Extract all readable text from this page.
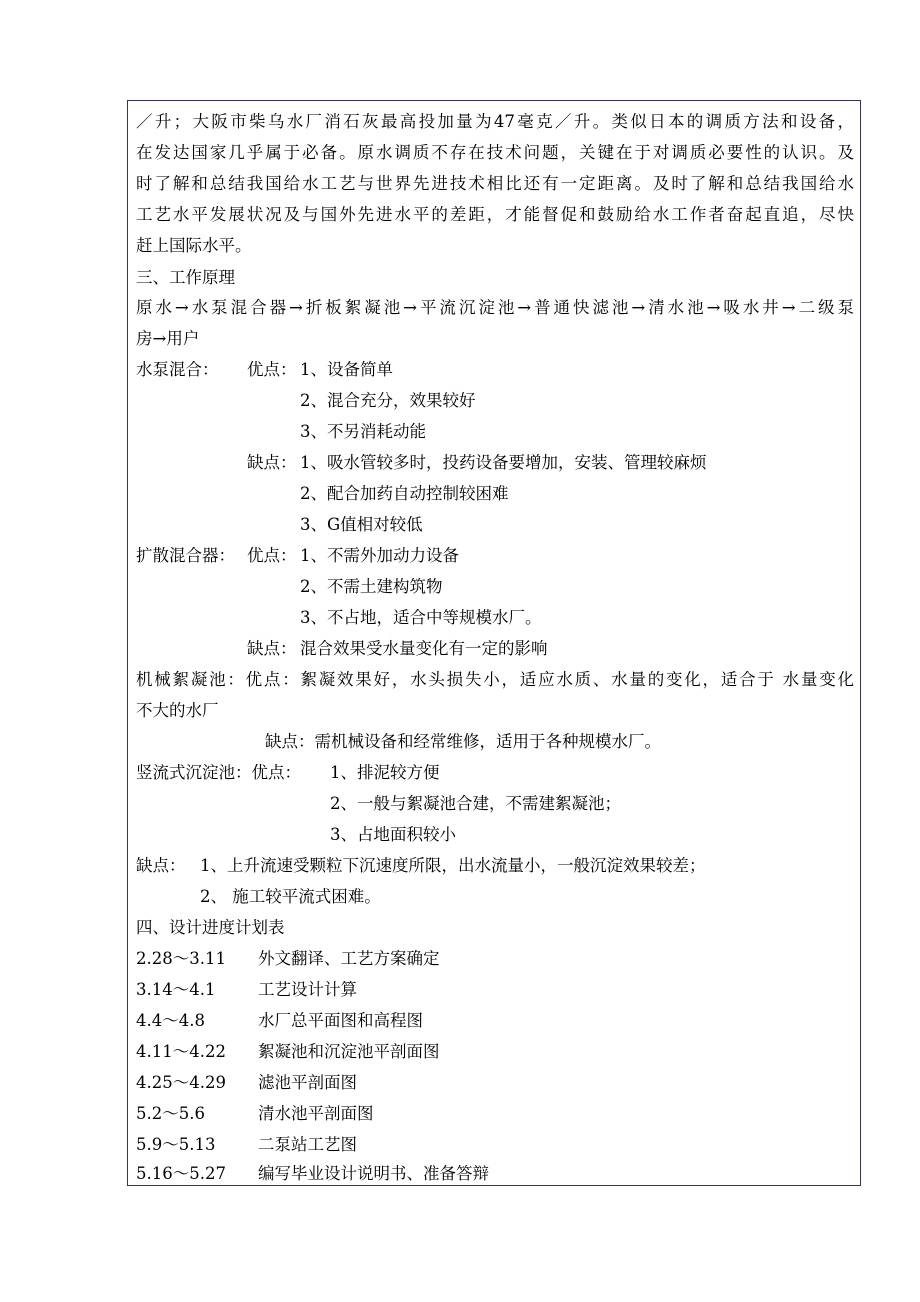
／升；大阪市柴乌水厂消石灰最高投加量为47毫克／升。类似日本的调质方法和设备，
在发达国家几乎属于必备。原水调质不存在技术问题，关键在于对调质必要性的认识。及
时了解和总结我国给水工艺与世界先进技术相比还有一定距离。及时了解和总结我国给水
工艺水平发展状况及与国外先进水平的差距，才能督促和鼓励给水工作者奋起直追，尽快
赶上国际水平。
三、工作原理
原水→水泵混合器→折板絮凝池→平流沉淀池→普通快滤池→清水池→吸水井→二级泵
房→用户
水泵混合： 优点： 1、设备简单
2、混合充分，效果较好
3、不另消耗动能
缺点： 1、吸水管较多时，投药设备要增加，安装、管理较麻烦
2、配合加药自动控制较困难
3、G值相对较低
扩散混合器： 优点： 1、不需外加动力设备
2、不需土建构筑物
3、不占地，适合中等规模水厂。
缺点： 混合效果受水量变化有一定的影响
机械絮凝池：优点：絮凝效果好，水头损失小，适应水质、水量的变化，适合于 水量变化
不大的水厂
缺点：需机械设备和经常维修，适用于各种规模水厂。
竖流式沉淀池：优点： 1、排泥较方便
2、一般与絮凝池合建，不需建絮凝池；
3、占地面积较小
缺点： 1、上升流速受颗粒下沉速度所限，出水流量小，一般沉淀效果较差；
2、 施工较平流式困难。
四、设计进度计划表
2.28～3.11 外文翻译、工艺方案确定
3.14～4.1	工艺设计计算
4.4～4.8	水厂总平面图和高程图
4.11～4.22 絮凝池和沉淀池平剖面图
4.25～4.29 滤池平剖面图
5.2～5.6	清水池平剖面图
5.9～5.13	二泵站工艺图
5.16～5.27 编写毕业设计说明书、准备答辩
